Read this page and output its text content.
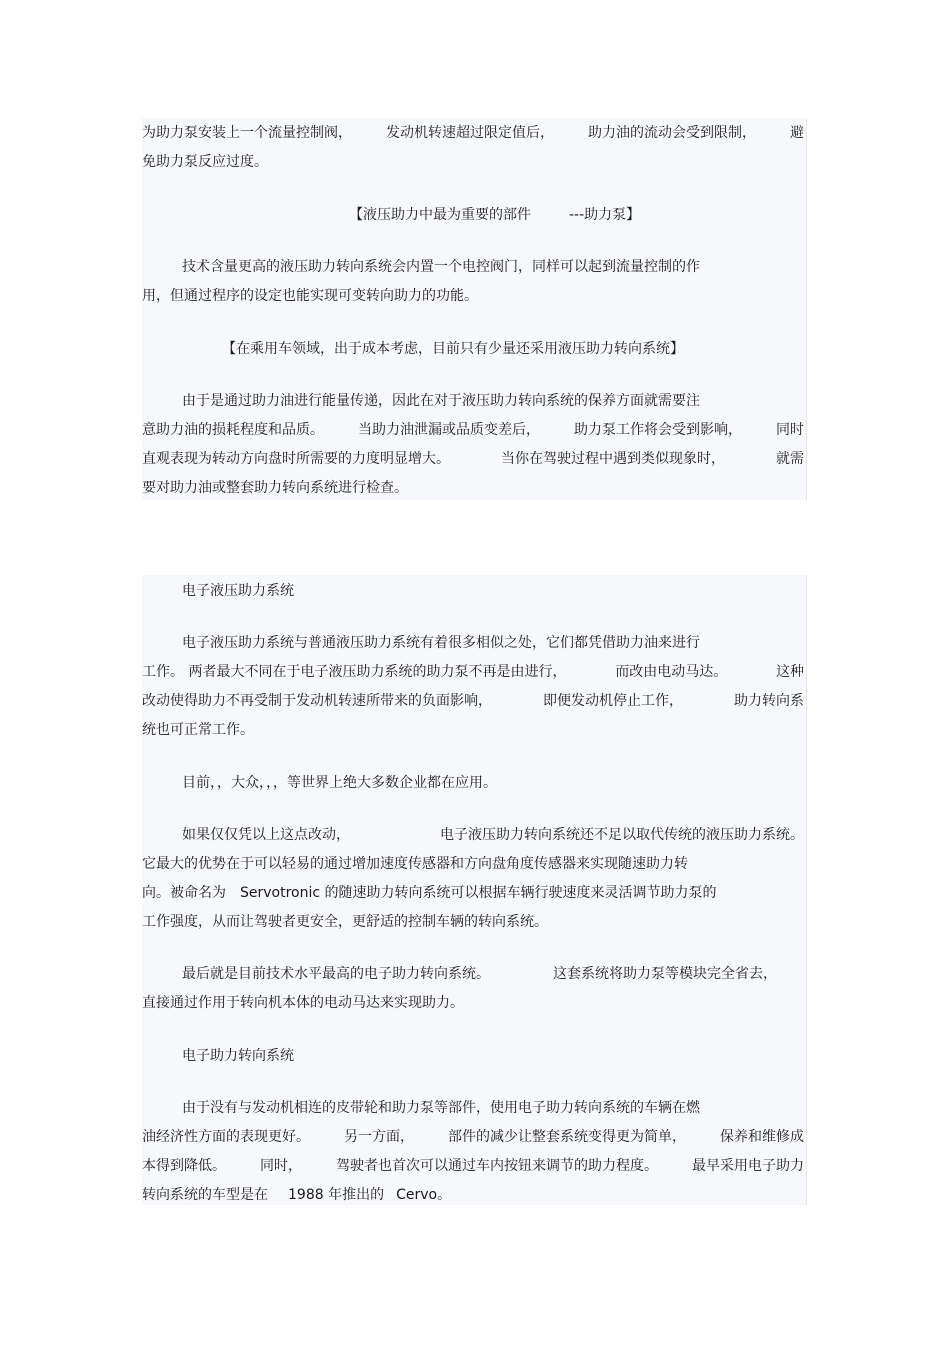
为助力泵安装上一个流量控制阀， 发动机转速超过限定值后， 助力油的流动会受到限制， 避
免助力泵反应过度。
【液压助力中最为重要的部件	---助力泵】
技术含量更高的液压助力转向系统会内置一个电控阀门，同样可以起到流量控制的作
用，但通过程序的设定也能实现可变转向助力的功能。
【在乘用车领域，出于成本考虑，目前只有少量还采用液压助力转向系统】
由于是通过助力油进行能量传递，因此在对于液压助力转向系统的保养方面就需要注
意助力油的损耗程度和品质。 当助力油泄漏或品质变差后， 助力泵工作将会受到影响， 同时
直观表现为转动方向盘时所需要的力度明显增大。	当你在驾驶过程中遇到类似现象时，	就需
要对助力油或整套助力转向系统进行检查。
电子液压助力系统
电子液压助力系统与普通液压助力系统有着很多相似之处，它们都凭借助力油来进行
工作。 两者最大不同在于电子液压助力系统的助力泵不再是由进行，	而改由电动马达。	这种
改动使得助力不再受制于发动机转速所带来的负面影响，	即便发动机停止工作，	助力转向系
统也可正常工作。
目前，，大众，，，等世界上绝大多数企业都在应用。
如果仅仅凭以上这点改动，	电子液压助力转向系统还不足以取代传统的液压助力系统。
它最大的优势在于可以轻易的通过增加速度传感器和方向盘角度传感器来实现随速助力转
向。被命名为　Servotronic 的随速助力转向系统可以根据车辆行驶速度来灵活调节助力泵的
工作强度，从而让驾驶者更安全，更舒适的控制车辆的转向系统。
最后就是目前技术水平最高的电子助力转向系统。	这套系统将助力泵等模块完全省去，
直接通过作用于转向机本体的电动马达来实现助力。
电子助力转向系统
由于没有与发动机相连的皮带轮和助力泵等部件，使用电子助力转向系统的车辆在燃
油经济性方面的表现更好。 另一方面， 部件的减少让整套系统变得更为简单， 保养和维修成
本得到降低。 同时， 驾驶者也首次可以通过车内按钮来调节的助力程度。 最早采用电子助力
转向系统的车型是在 1988 年推出的 Cervo。
